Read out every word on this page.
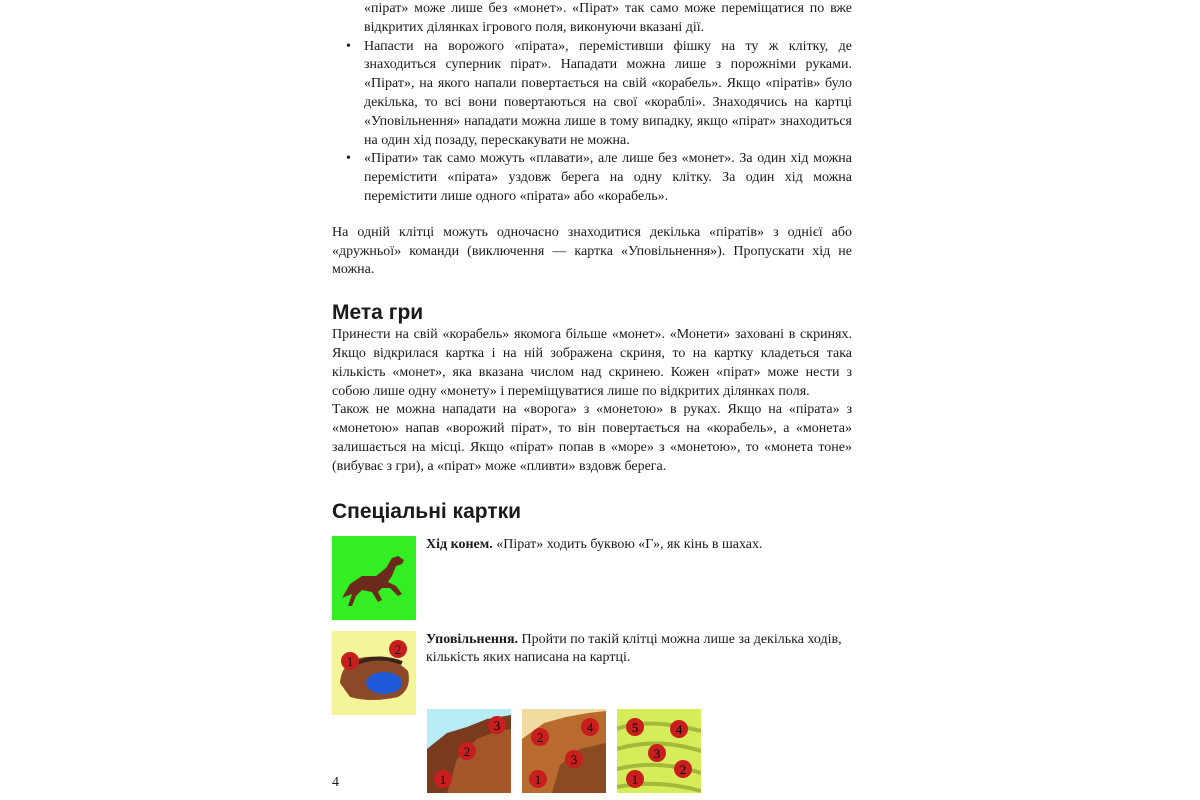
«пірат» може лише без «монет». «Пірат» так само може переміщатися по вже відкритих ділянках ігрового поля, виконуючи вказані дії.
• Напасти на ворожого «пірата», перемістивши фішку на ту ж клітку, де знаходиться суперник пірат». Нападати можна лише з порожніми руками. «Пірат», на якого напали повертається на свій «корабель». Якщо «піратів» було декілька, то всі вони повертаються на свої «кораблі». Знаходячись на картці «Уповільнення» нападати можна лише в тому випадку, якщо «пірат» знаходиться на один хід позаду, перескакувати не можна.
• «Пірати» так само можуть «плавати», але лише без «монет». За один хід можна перемістити «пірата» уздовж берега на одну клітку. За один хід можна перемістити лише одного «пірата» або «корабель».

На одній клітці можуть одночасно знаходитися декілька «піратів» з однієї або «дружньої» команди (виключення — картка «Уповільнення»). Пропускати хід не можна.

Мета гри

Принести на свій «корабель» якомога більше «монет». «Монети» заховані в скринях. Якщо відкрилася картка і на ній зображена скриня, то на картку кладеться така кількість «монет», яка вказана числом над скринею. Кожен «пірат» може нести з собою лише одну «монету» і переміщуватися лише по відкритих ділянках поля.

Також не можна нападати на «ворога» з «монетою» в руках. Якщо на «пірата» з «монетою» напав «ворожий пірат», то він повертається на «корабель», а «монета» залишається на місці. Якщо «пірат» попав в «море» з «монетою», то «монета тоне» (вибуває з гри), а «пірат» може «пливти» вздовж берега.

Спеціальні картки
Хід конем. «Пірат» ходить буквою «Г», як кінь в шахах.
1
2
Уповільнення. Пройти по такій клітці можна лише за декілька ходів, кількість яких написана на картці.
1
2
3
1
2
3
4
1
2
3
4
5
4
